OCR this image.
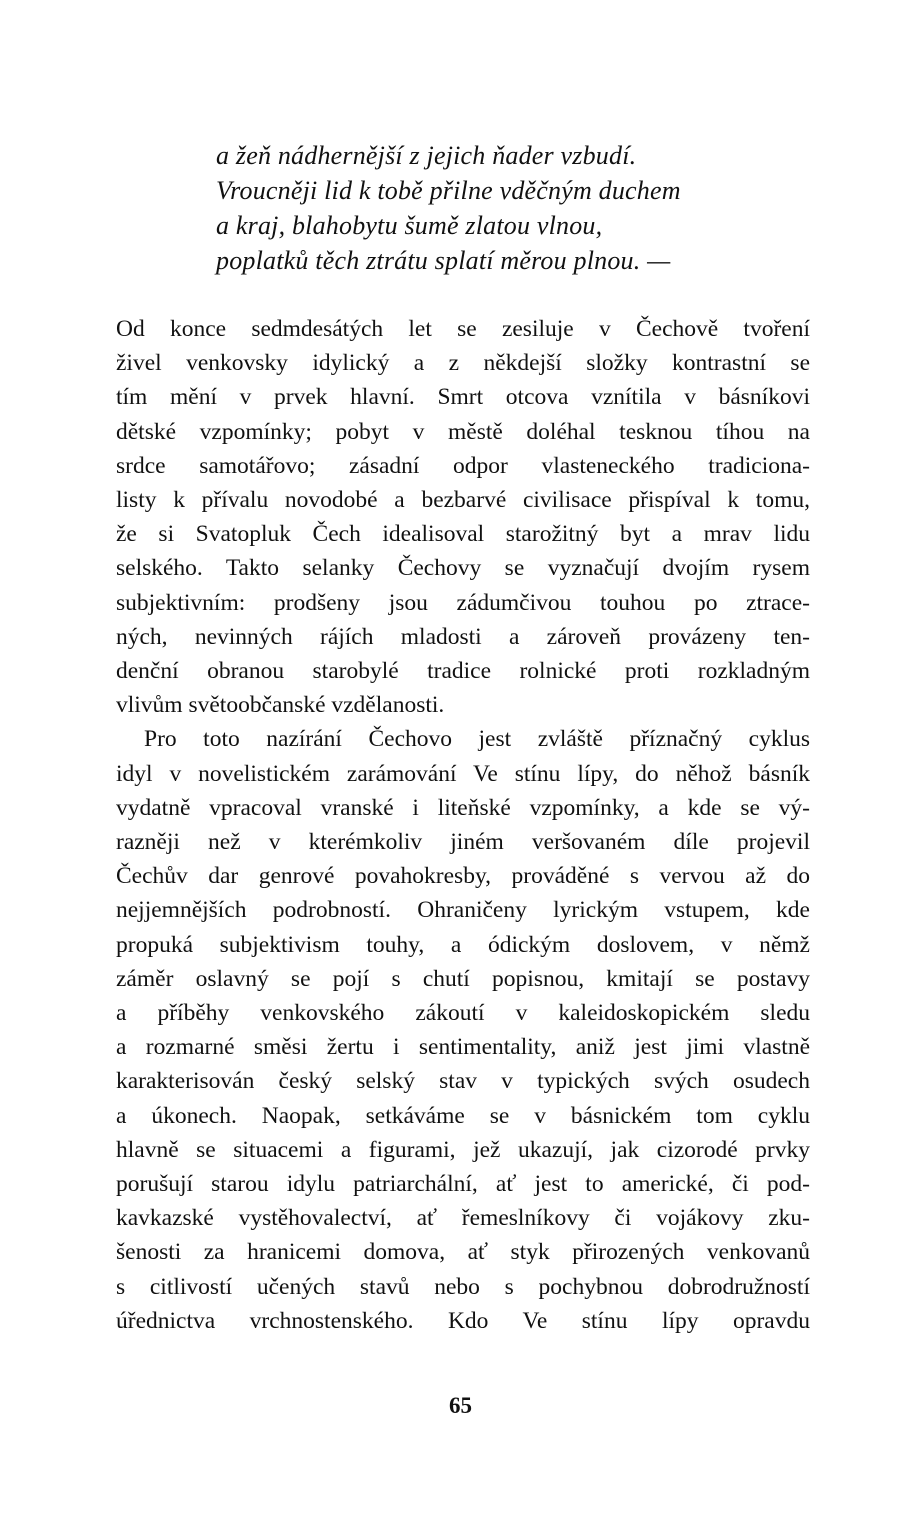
a žeň nádhernější z jejich ňader vzbudí.
Vroucněji lid k tobě přilne vděčným duchem
a kraj, blahobytu šumě zlatou vlnou,
poplatků těch ztrátu splatí měrou plnou. —
Od konce sedmdesátých let se zesiluje v Čechově tvoření
živel venkovsky idylický a z někdejší složky kontrastní se
tím mění v prvek hlavní. Smrt otcova vznítila v básníkovi
dětské vzpomínky; pobyt v městě doléhal tesknou tíhou na
srdce samotářovo; zásadní odpor vlasteneckého tradiciona-
listy k přívalu novodobé a bezbarvé civilisace přispíval k tomu,
že si Svatopluk Čech idealisoval starožitný byt a mrav lidu
selského. Takto selanky Čechovy se vyznačují dvojím rysem
subjektivním: prodšeny jsou zádumčivou touhou po ztrace-
ných, nevinných rájích mladosti a zároveň provázeny ten-
denční obranou starobylé tradice rolnické proti rozkladným
vlivům světoobčanské vzdělanosti.
Pro toto nazírání Čechovo jest zvláště příznačný cyklus
idyl v novelistickém zarámování Ve stínu lípy, do něhož básník
vydatně vpracoval vranské i liteňské vzpomínky, a kde se vý-
razněji než v kterémkoliv jiném veršovaném díle projevil
Čechův dar genrové povahokresby, prováděné s vervou až do
nejjemnějších podrobností. Ohraničeny lyrickým vstupem, kde
propuká subjektivism touhy, a ódickým doslovem, v němž
záměr oslavný se pojí s chutí popisnou, kmitají se postavy
a příběhy venkovského zákoutí v kaleidoskopickém sledu
a rozmarné směsi žertu i sentimentality, aniž jest jimi vlastně
karakterisován český selský stav v typických svých osudech
a úkonech. Naopak, setkáváme se v básnickém tom cyklu
hlavně se situacemi a figurami, jež ukazují, jak cizorodé prvky
porušují starou idylu patriarchální, ať jest to americké, či pod-
kavkazské vystěhovalectví, ať řemeslníkovy či vojákovy zku-
šenosti za hranicemi domova, ať styk přirozených venkovanů
s citlivostí učených stavů nebo s pochybnou dobrodružností
úřednictva vrchnostenského. Kdo Ve stínu lípy opravdu
65
